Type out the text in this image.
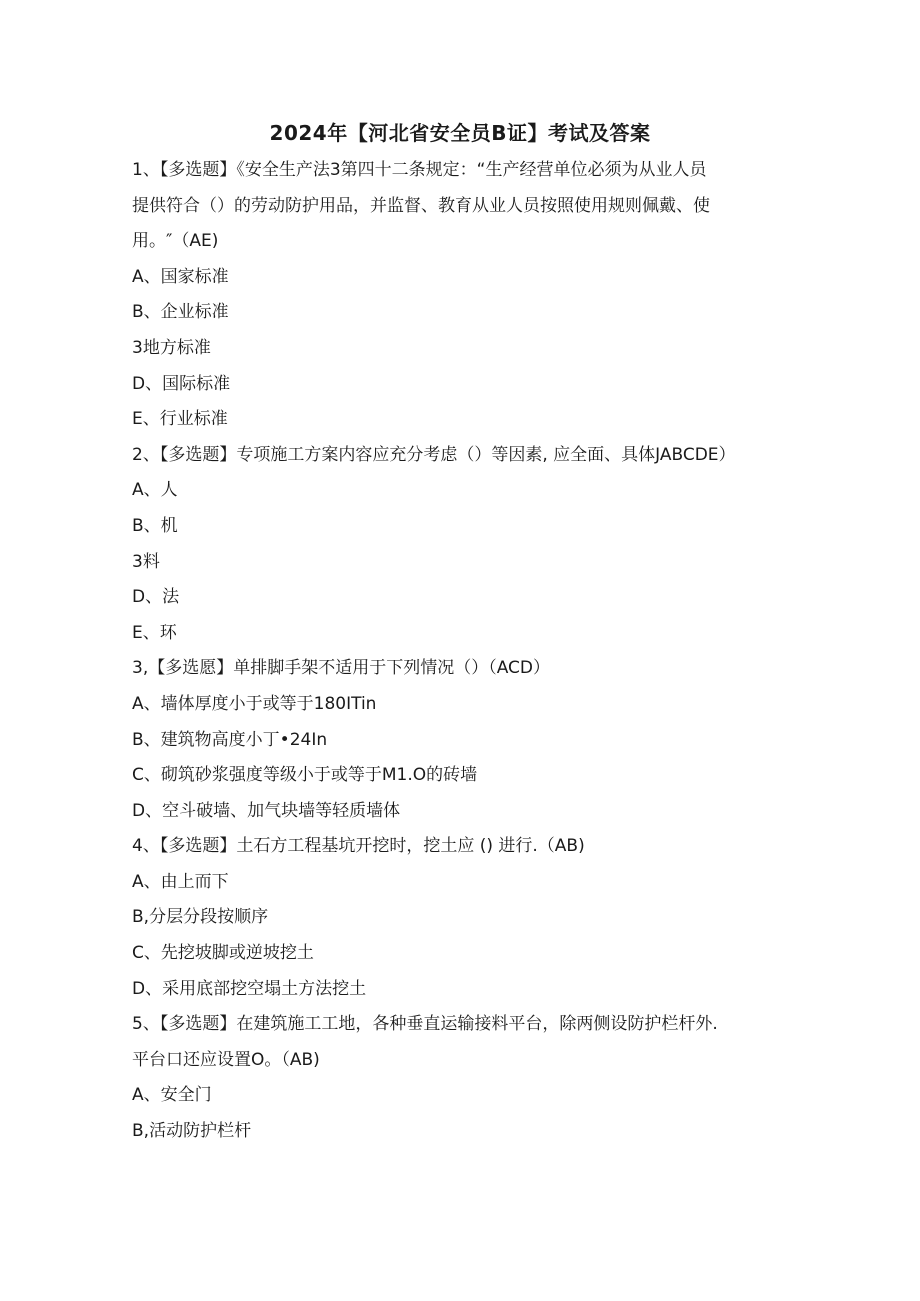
2024年【河北省安全员B证】考试及答案
1、【多选题】《安全生产法3第四十二条规定：“生产经营单位必须为从业人员
提供符合（）的劳动防护用品，并监督、教育从业人员按照使用规则佩戴、使
用。″（AE)
A、国家标准
B、企业标准
3地方标准
D、国际标准
E、行业标准
2、【多选题】专项施工方案内容应充分考虑（）等因素, 应全面、具体JABCDE）
A、人
B、机
3料
D、法
E、环
3,【多选愿】单排脚手架不适用于下列情况（）（ACD）
A、墙体厚度小于或等于180ITin
B、建筑物高度小丁•24In
C、砌筑砂浆强度等级小于或等于M1.O的砖墙
D、空斗破墙、加气块墙等轻质墙体
4、【多选题】土石方工程基坑开挖时，挖土应 () 进行.（AB)
A、由上而下
B,分层分段按顺序
C、先挖坡脚或逆坡挖土
D、采用底部挖空塌土方法挖土
5、【多选题】在建筑施工工地，各种垂直运输接料平台，除两侧设防护栏杆外.
平台口还应设置O。（AB)
A、安全门
B,活动防护栏杆
